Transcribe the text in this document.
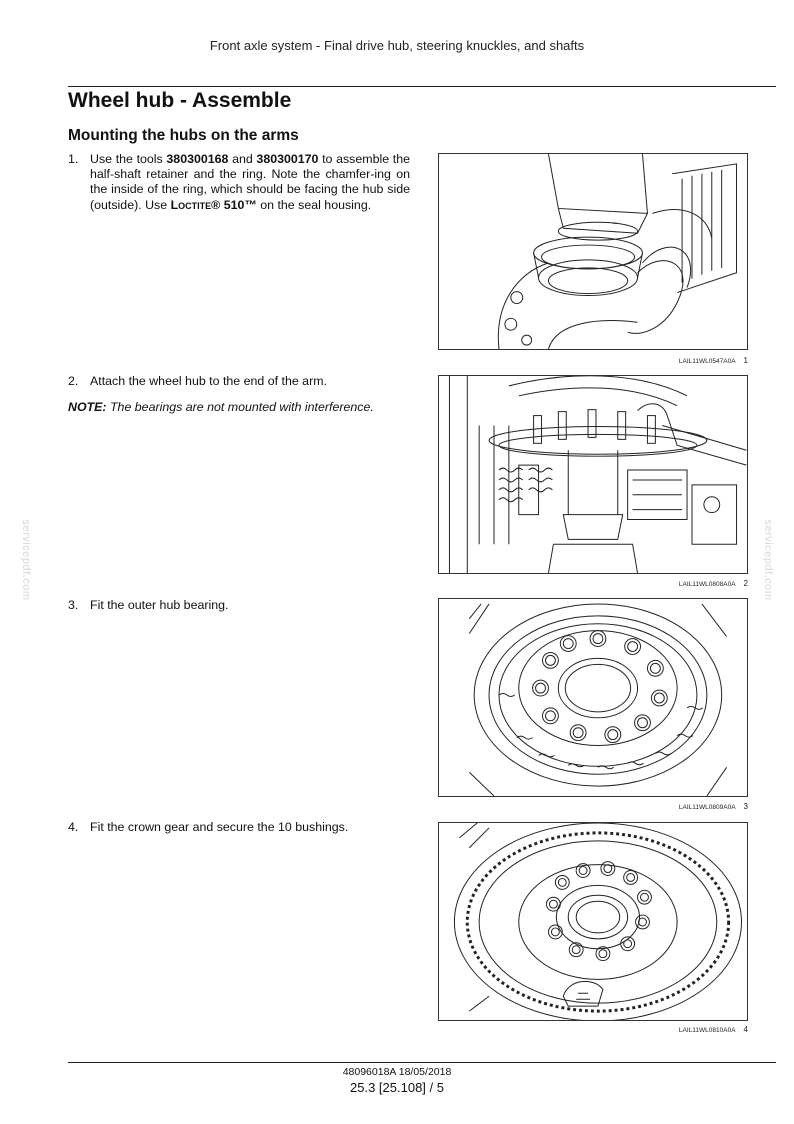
Front axle system - Final drive hub, steering knuckles, and shafts
Wheel hub - Assemble
Mounting the hubs on the arms
1. Use the tools 380300168 and 380300170 to assemble the half-shaft retainer and the ring. Note the chamfer-ing on the inside of the ring, which should be facing the hub side (outside). Use Loctite® 510™ on the seal housing.
2. Attach the wheel hub to the end of the arm.
NOTE: The bearings are not mounted with interference.
3. Fit the outer hub bearing.
4. Fit the crown gear and secure the 10 bushings.
LAIL11WL0547A0A 1
LAIL11WL0808A0A 2
LAIL11WL0809A0A 3
LAIL11WL0810A0A 4
servicepdf.com	servicepdf.com
48096018A 18/05/2018
25.3 [25.108] / 5
